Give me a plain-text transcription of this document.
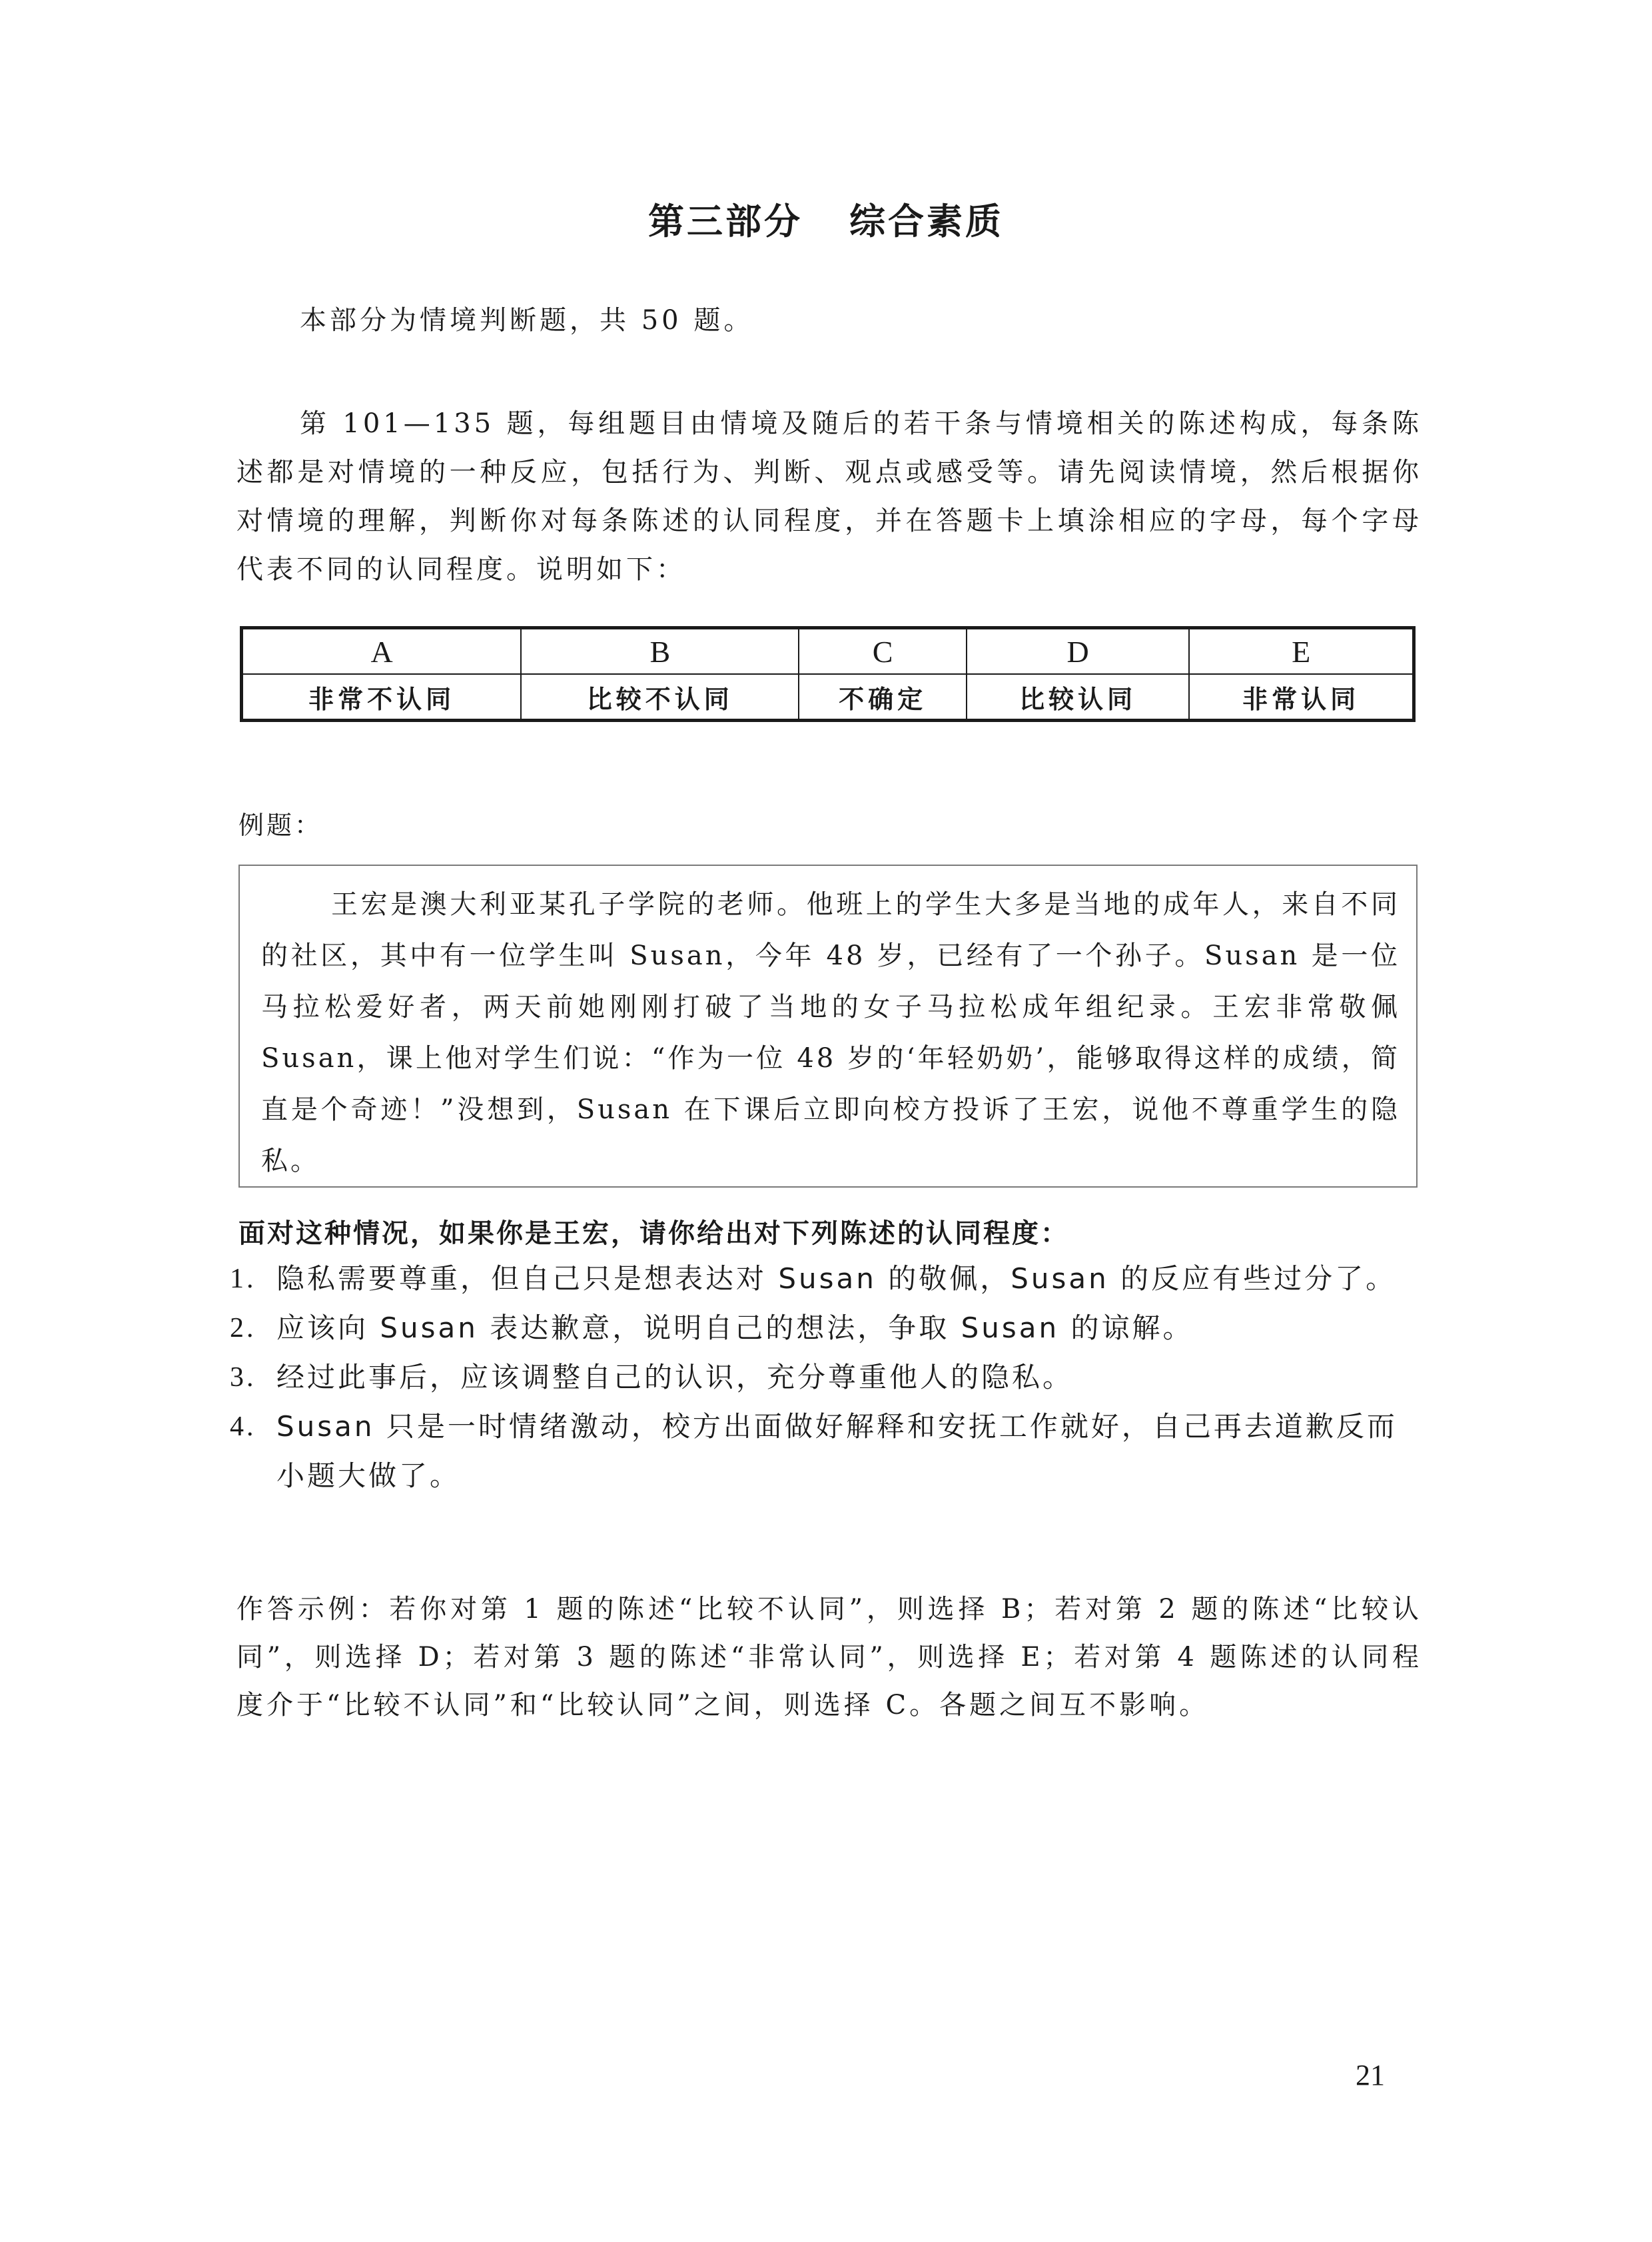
第三部分 综合素质
本部分为情境判断题，共 50 题。
第 101—135 题，每组题目由情境及随后的若干条与情境相关的陈述构成，每条陈述都是对情境的一种反应，包括行为、判断、观点或感受等。请先阅读情境，然后根据你对情境的理解，判断你对每条陈述的认同程度，并在答题卡上填涂相应的字母，每个字母代表不同的认同程度。说明如下：
A	B	C	D	E
非常不认同	比较不认同	不确定	比较认同	非常认同
例题：
王宏是澳大利亚某孔子学院的老师。他班上的学生大多是当地的成年人，来自不同的社区，其中有一位学生叫 Susan，今年 48 岁，已经有了一个孙子。Susan 是一位马拉松爱好者，两天前她刚刚打破了当地的女子马拉松成年组纪录。王宏非常敬佩 Susan，课上他对学生们说：“作为一位 48 岁的‘年轻奶奶’，能够取得这样的成绩，简直是个奇迹！”没想到，Susan 在下课后立即向校方投诉了王宏，说他不尊重学生的隐私。
面对这种情况，如果你是王宏，请你给出对下列陈述的认同程度：
1. 隐私需要尊重，但自己只是想表达对 Susan 的敬佩，Susan 的反应有些过分了。
2. 应该向 Susan 表达歉意，说明自己的想法，争取 Susan 的谅解。
3. 经过此事后，应该调整自己的认识，充分尊重他人的隐私。
4. Susan 只是一时情绪激动，校方出面做好解释和安抚工作就好，自己再去道歉反而小题大做了。
作答示例：若你对第 1 题的陈述“比较不认同”，则选择 B；若对第 2 题的陈述“比较认同”，则选择 D；若对第 3 题的陈述“非常认同”，则选择 E；若对第 4 题陈述的认同程度介于“比较不认同”和“比较认同”之间，则选择 C。各题之间互不影响。
21
